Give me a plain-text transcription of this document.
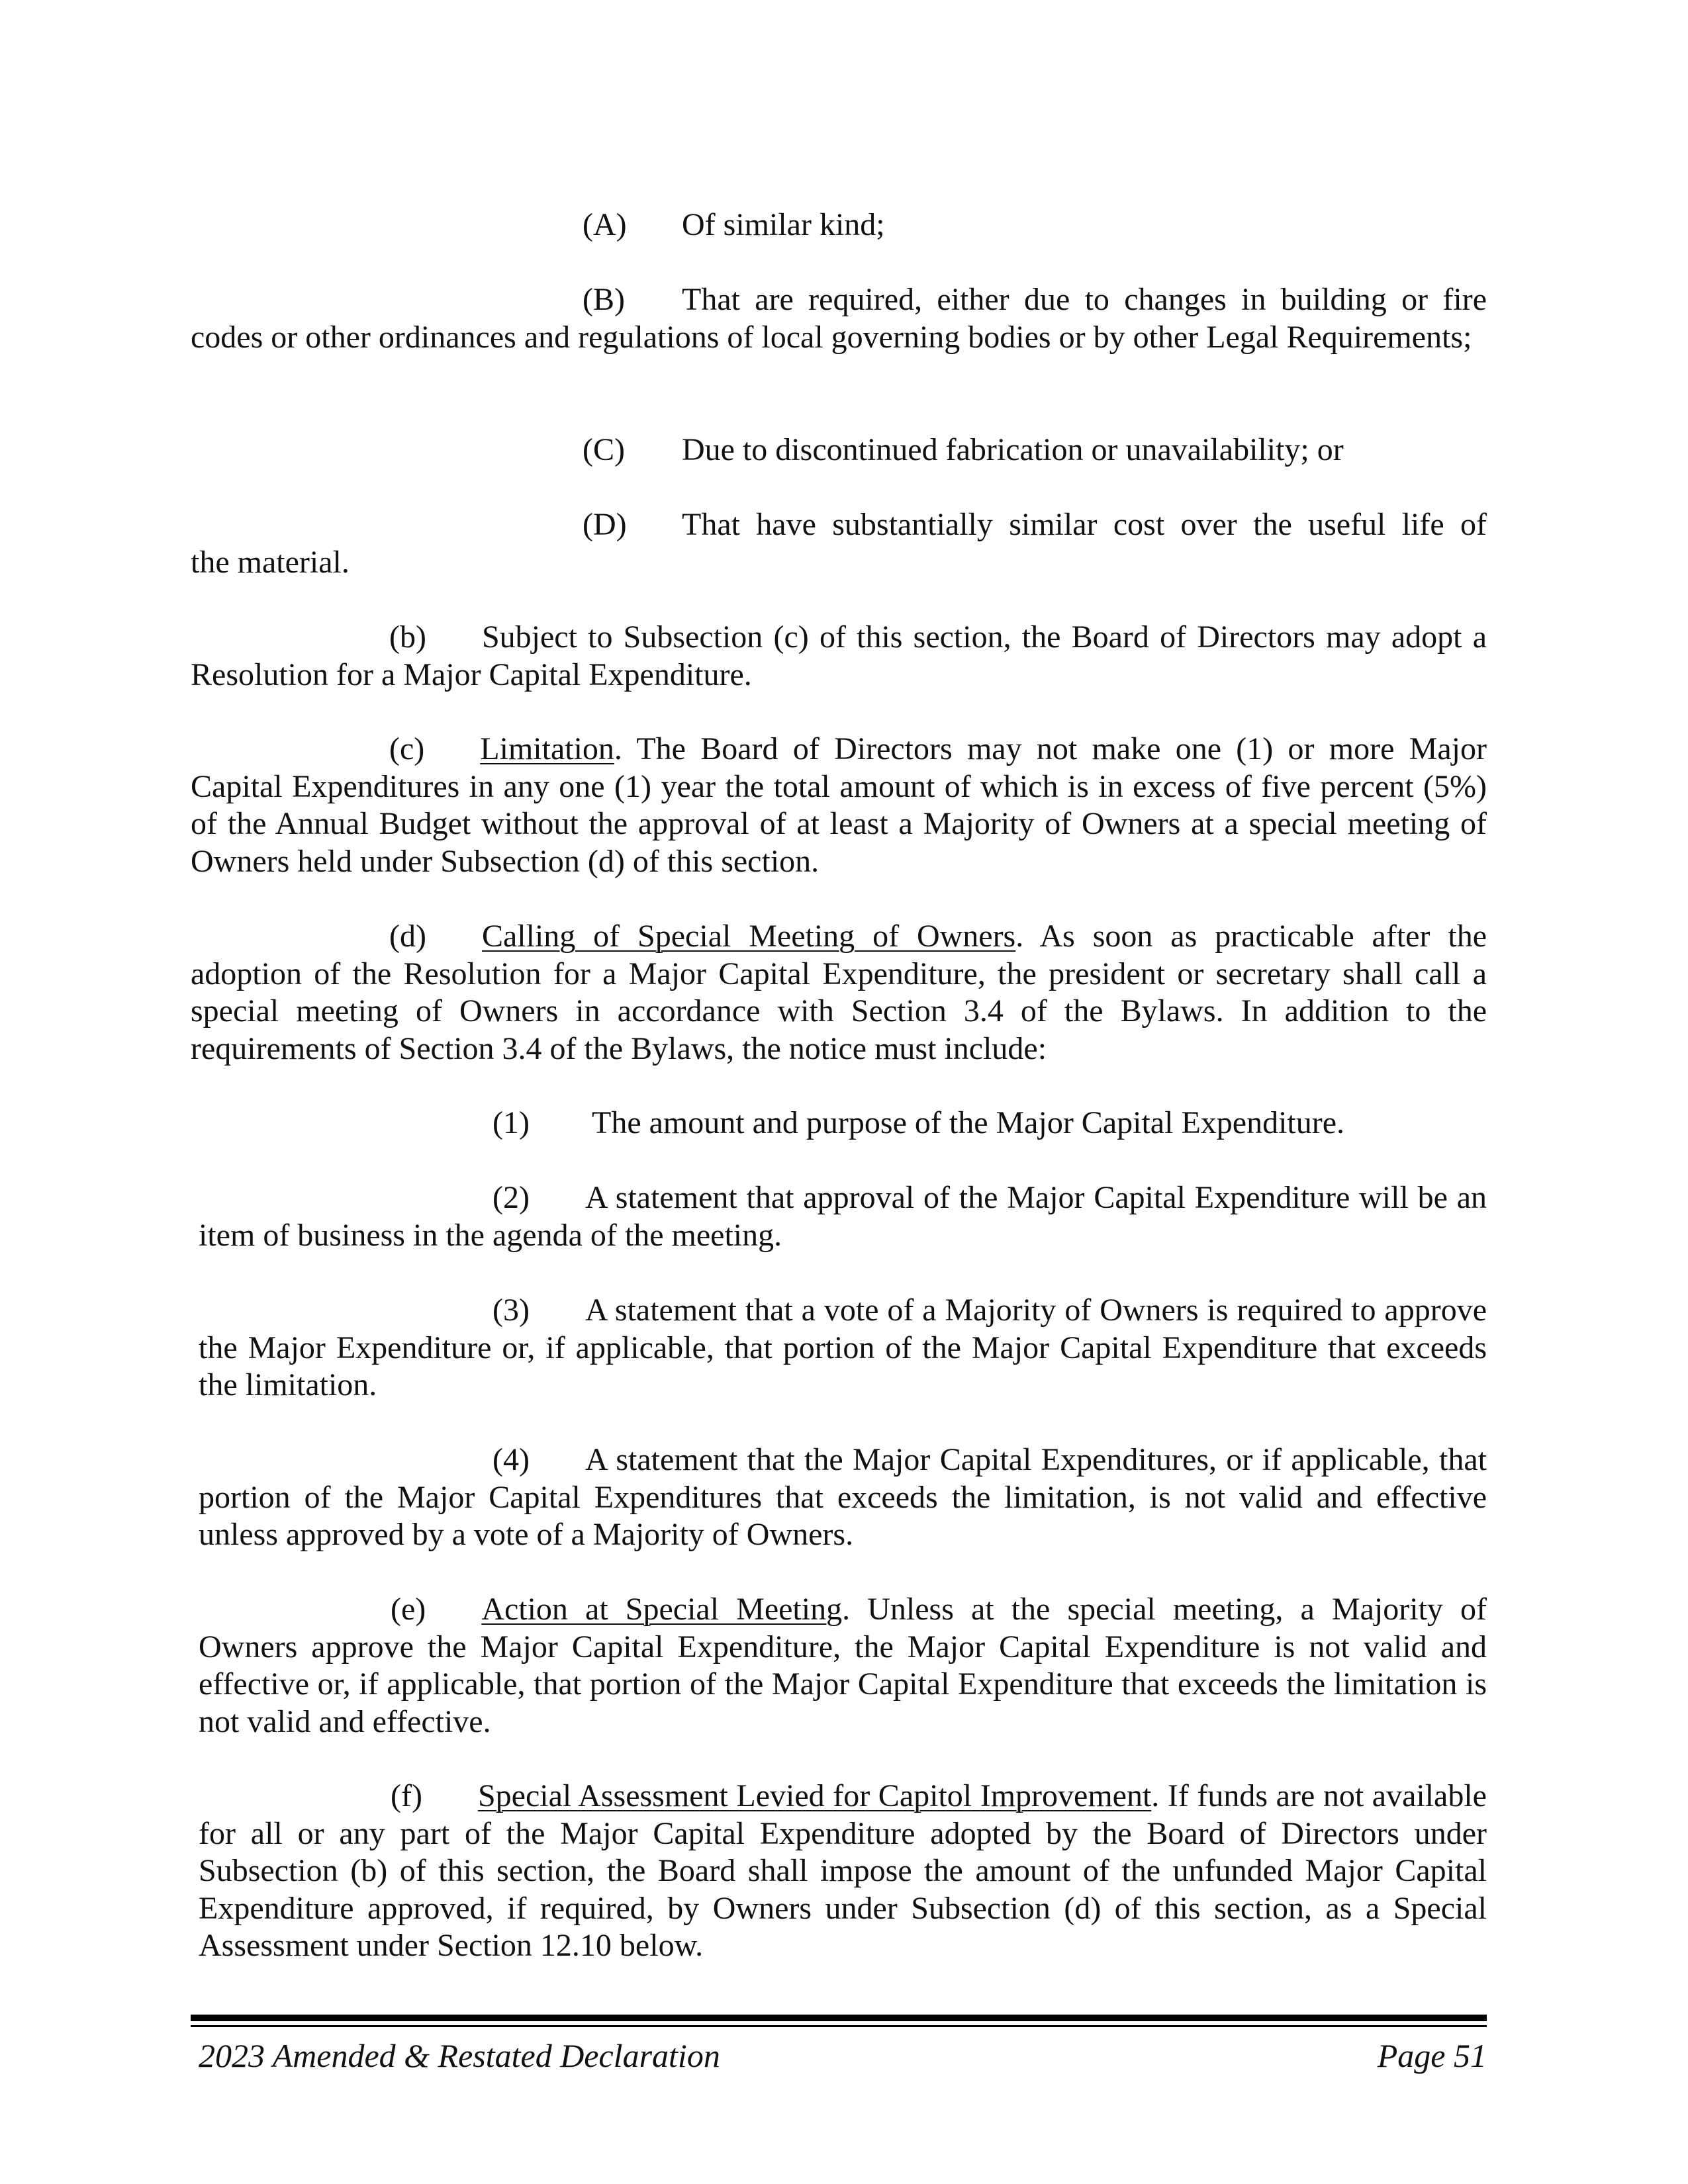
(A) Of similar kind;

(B) That are required, either due to changes in building or fire
codes or other ordinances and regulations of local governing bodies or by other Legal Requirements;

(C) Due to discontinued fabrication or unavailability; or

(D) That have substantially similar cost over the useful life of
the material.
(b) Subject to Subsection (c) of this section, the Board of Directors may adopt a Resolution for a Major Capital Expenditure.
(c) Limitation. The Board of Directors may not make one (1) or more Major Capital Expenditures in any one (1) year the total amount of which is in excess of five percent (5%) of the Annual Budget without the approval of at least a Majority of Owners at a special meeting of Owners held under Subsection (d) of this section.
(d) Calling of Special Meeting of Owners. As soon as practicable after the adoption of the Resolution for a Major Capital Expenditure, the president or secretary shall call a special meeting of Owners in accordance with Section 3.4 of the Bylaws. In addition to the requirements of Section 3.4 of the Bylaws, the notice must include:

(1) The amount and purpose of the Major Capital Expenditure.

(2) A statement that approval of the Major Capital Expenditure will be an item of business in the agenda of the meeting.
(3) A statement that a vote of a Majority of Owners is required to approve the Major Expenditure or, if applicable, that portion of the Major Capital Expenditure that exceeds the limitation.
(4) A statement that the Major Capital Expenditures, or if applicable, that portion of the Major Capital Expenditures that exceeds the limitation, is not valid and effective unless approved by a vote of a Majority of Owners.
(e) Action at Special Meeting. Unless at the special meeting, a Majority of Owners approve the Major Capital Expenditure, the Major Capital Expenditure is not valid and effective or, if applicable, that portion of the Major Capital Expenditure that exceeds the limitation is not valid and effective.
(f) Special Assessment Levied for Capitol Improvement. If funds are not available for all or any part of the Major Capital Expenditure adopted by the Board of Directors under Subsection (b) of this section, the Board shall impose the amount of the unfunded Major Capital Expenditure approved, if required, by Owners under Subsection (d) of this section, as a Special Assessment under Section 12.10 below.
2023 Amended & Restated Declaration	Page 51
